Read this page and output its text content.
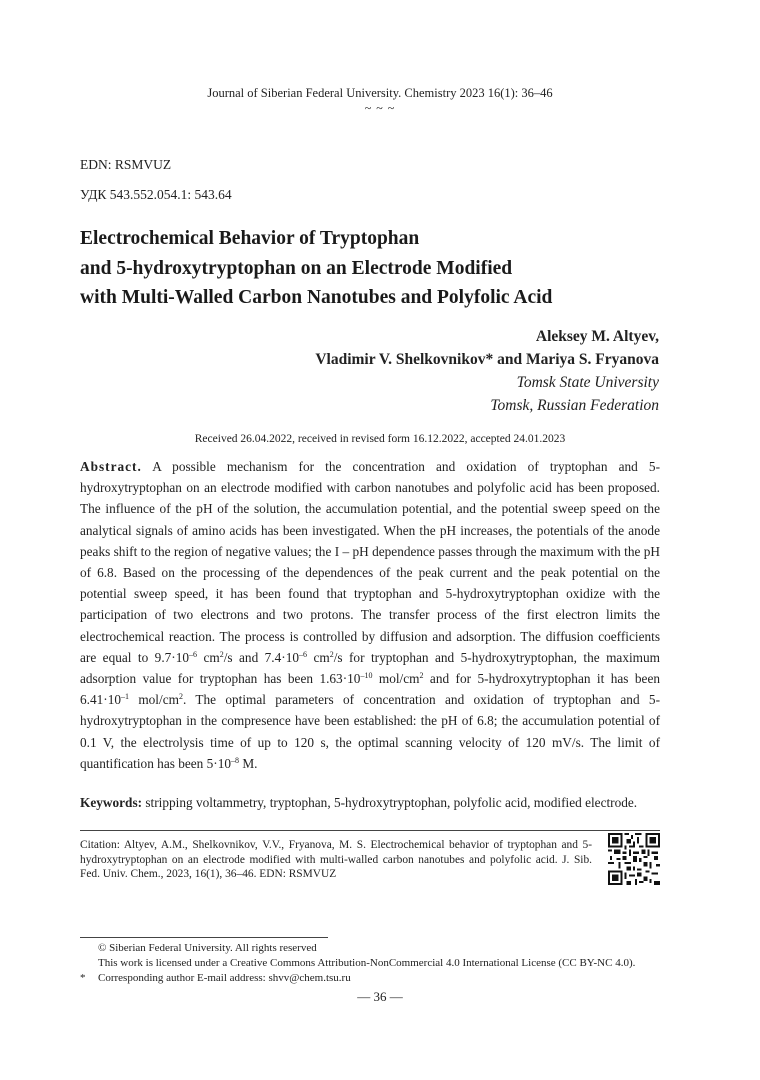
Journal of Siberian Federal University. Chemistry 2023 16(1): 36–46
~ ~ ~
EDN: RSMVUZ
УДК 543.552.054.1: 543.64
Electrochemical Behavior of Tryptophan
and 5-hydroxytryptophan on an Electrode Modified
with Multi-Walled Carbon Nanotubes and Polyfolic Acid
Aleksey M. Altyev,
Vladimir V. Shelkovnikov* and Mariya S. Fryanova
Tomsk State University
Tomsk, Russian Federation
Received 26.04.2022, received in revised form 16.12.2022, accepted 24.01.2023

Abstract. A possible mechanism for the concentration and oxidation of tryptophan and 5-hydroxytryptophan on an electrode modified with carbon nanotubes and polyfolic acid has been proposed. The influence of the pH of the solution, the accumulation potential, and the potential sweep speed on the analytical signals of amino acids has been investigated. When the pH increases, the potentials of the anode peaks shift to the region of negative values; the I – pH dependence passes through the maximum with the pH of 6.8. Based on the processing of the dependences of the peak current and the peak potential on the potential sweep speed, it has been found that tryptophan and 5-hydroxytryptophan oxidize with the participation of two electrons and two protons. The transfer process of the first electron limits the electrochemical reaction. The process is controlled by diffusion and adsorption. The diffusion coefficients are equal to $9.7\cdot 10^{-6}$ $cm^2/s$ and $7.4\cdot 10^{-6}$ $cm^2/s$ for tryptophan and 5-hydroxytryptophan, the maximum adsorption value for tryptophan has been $1.63\cdot 10^{-10}$ mol/$cm^2$ and for 5-hydroxytryptophan it has been $6.41\cdot 10^{-1}$ mol/$cm^2$. The optimal parameters of concentration and oxidation of tryptophan and 5-hydroxytryptophan in the compresence have been established: the pH of 6.8; the accumulation potential of 0.1 V, the electrolysis time of up to 120 s, the optimal scanning velocity of 120 mV/s. The limit of quantification has been $5\cdot 10^{-8}$ M.

Keywords: stripping voltammetry, tryptophan, 5-hydroxytryptophan, polyfolic acid, modified electrode.

Citation: Altyev, A.M., Shelkovnikov, V.V., Fryanova, M. S. Electrochemical behavior of tryptophan and 5-hydroxytryptophan on an electrode modified with multi-walled carbon nanotubes and polyfolic acid. J. Sib. Fed. Univ. Chem., 2023, 16(1), 36–46. EDN: RSMVUZ

© Siberian Federal University. All rights reserved
This work is licensed under a Creative Commons Attribution-NonCommercial 4.0 International License (CC BY-NC 4.0).
* Corresponding author E-mail address: shvv@chem.tsu.ru
— 36 —
